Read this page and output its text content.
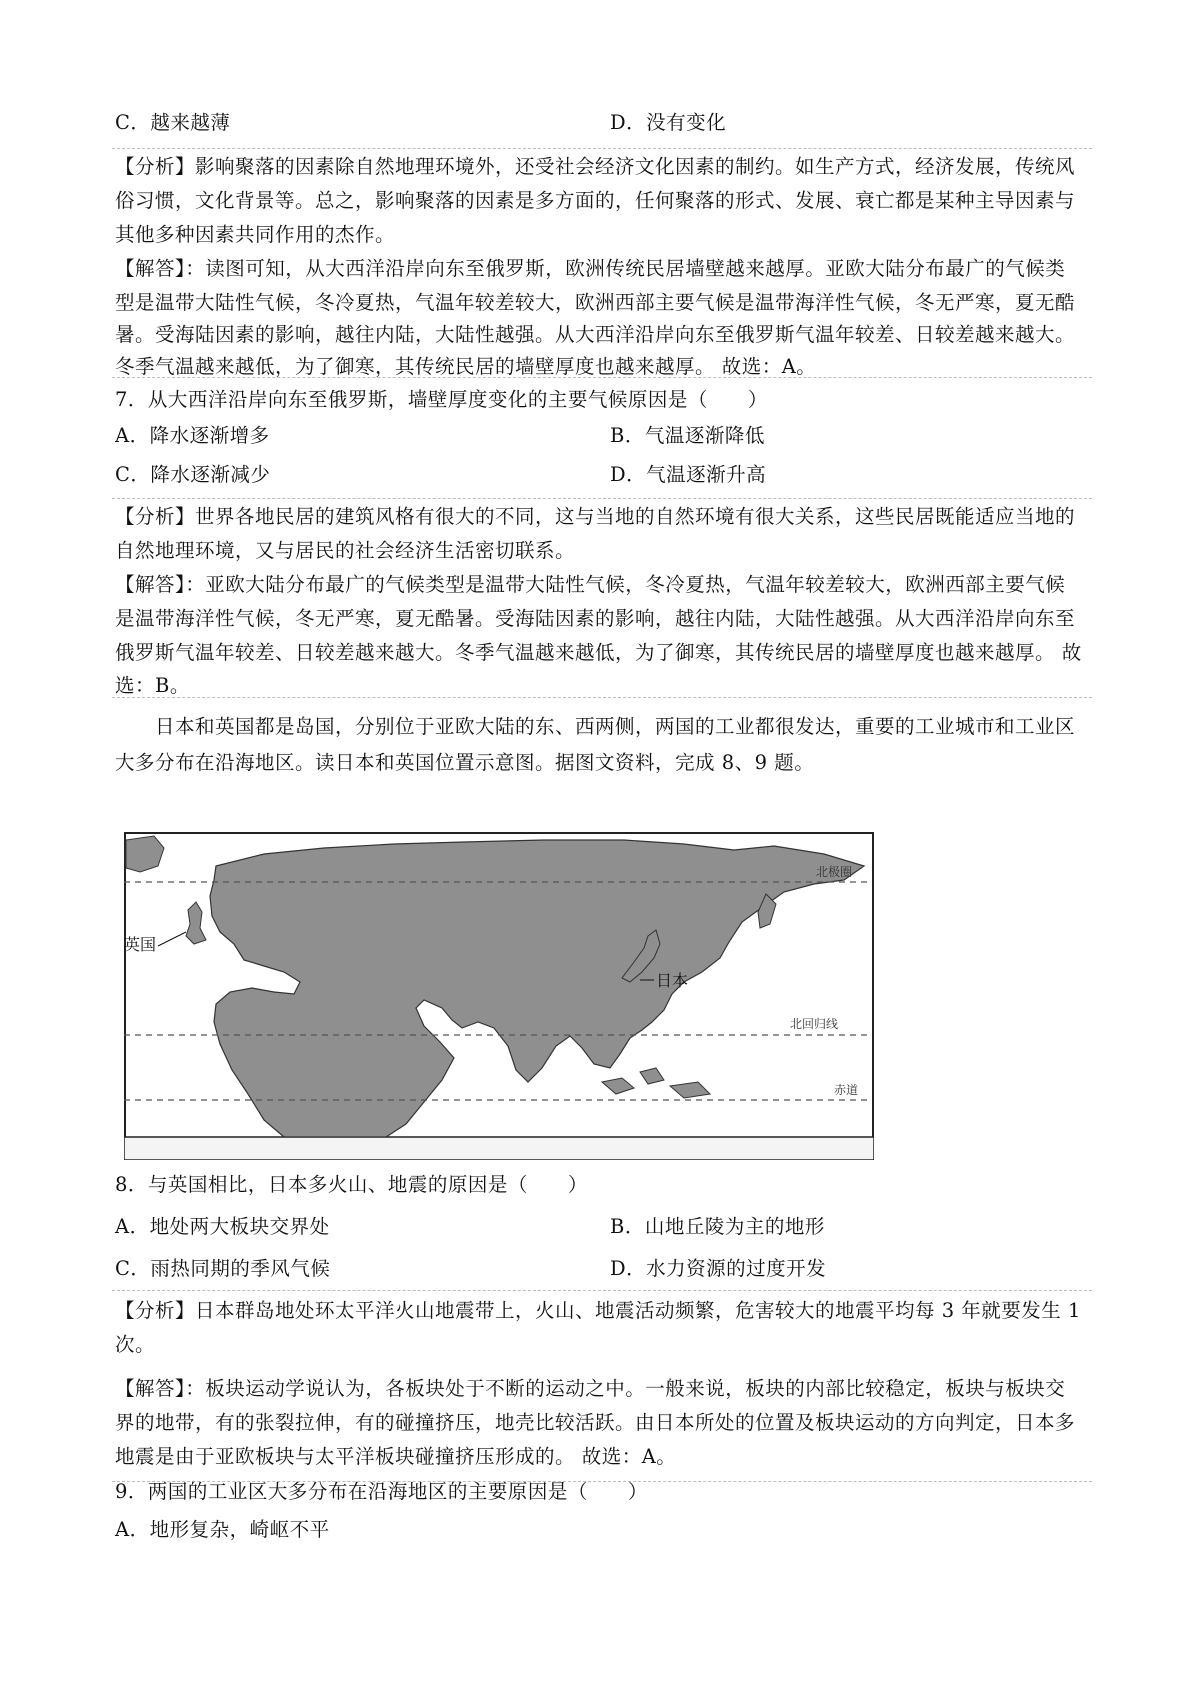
C．越来越薄	D．没有变化
【分析】影响聚落的因素除自然地理环境外，还受社会经济文化因素的制约。如生产方式，经济发展，传统风
俗习惯，文化背景等。总之，影响聚落的因素是多方面的，任何聚落的形式、发展、衰亡都是某种主导因素与
其他多种因素共同作用的杰作。
【解答】：读图可知，从大西洋沿岸向东至俄罗斯，欧洲传统民居墙壁越来越厚。亚欧大陆分布最广的气候类
型是温带大陆性气候，冬冷夏热，气温年较差较大，欧洲西部主要气候是温带海洋性气候，冬无严寒，夏无酷
暑。受海陆因素的影响，越往内陆，大陆性越强。从大西洋沿岸向东至俄罗斯气温年较差、日较差越来越大。
冬季气温越来越低，为了御寒，其传统民居的墙壁厚度也越来越厚。 故选：A。
7．从大西洋沿岸向东至俄罗斯，墙壁厚度变化的主要气候原因是（　　）
A．降水逐渐增多	B．气温逐渐降低
C．降水逐渐减少	D．气温逐渐升高
【分析】世界各地民居的建筑风格有很大的不同，这与当地的自然环境有很大关系，这些民居既能适应当地的
自然地理环境，又与居民的社会经济生活密切联系。
【解答】：亚欧大陆分布最广的气候类型是温带大陆性气候，冬冷夏热，气温年较差较大，欧洲西部主要气候
是温带海洋性气候，冬无严寒，夏无酷暑。受海陆因素的影响，越往内陆，大陆性越强。从大西洋沿岸向东至
俄罗斯气温年较差、日较差越来越大。冬季气温越来越低，为了御寒，其传统民居的墙壁厚度也越来越厚。 故
选：B。
　　日本和英国都是岛国，分别位于亚欧大陆的东、西两侧，两国的工业都很发达，重要的工业城市和工业区
大多分布在沿海地区。读日本和英国位置示意图。据图文资料，完成 8、9 题。
英国
日本
北极圈
北回归线
赤道
8．与英国相比，日本多火山、地震的原因是（　　）
A．地处两大板块交界处	B．山地丘陵为主的地形
C．雨热同期的季风气候	D．水力资源的过度开发
【分析】日本群岛地处环太平洋火山地震带上，火山、地震活动频繁，危害较大的地震平均每 3 年就要发生 1
次。
【解答】：板块运动学说认为，各板块处于不断的运动之中。一般来说，板块的内部比较稳定，板块与板块交
界的地带，有的张裂拉伸，有的碰撞挤压，地壳比较活跃。由日本所处的位置及板块运动的方向判定，日本多
地震是由于亚欧板块与太平洋板块碰撞挤压形成的。 故选：A。
9．两国的工业区大多分布在沿海地区的主要原因是（　　）
A．地形复杂，崎岖不平
